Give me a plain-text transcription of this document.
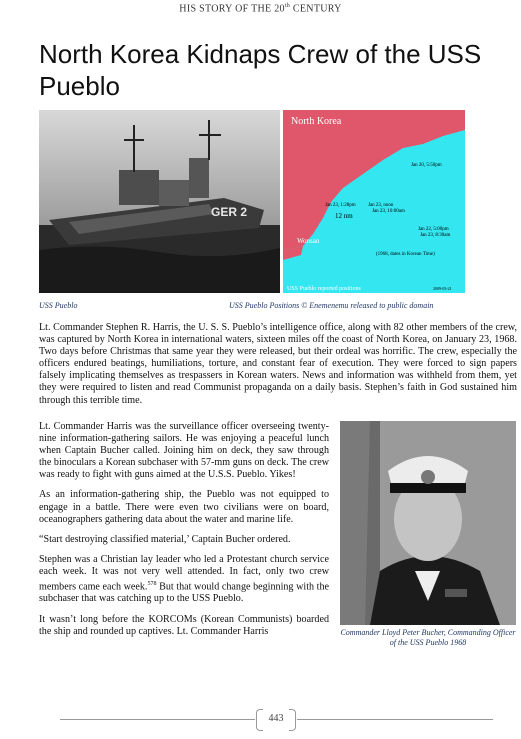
HIS STORY OF THE 20th CENTURY
North Korea Kidnaps Crew of the USS Pueblo
GER 2
North Korea
Wonsan
12 nm
Jan 20, 5:50pm
Jan 23, 1:28pm Jan 23, noon
Jan 23, 10:00am
Jan 22, 5:00pm
Jan 23, 8:30am
(1968, dates in Korean Time)
USS Pueblo reported positions	2009-03-21
USS Pueblo	USS Pueblo Positions © Enemenemu released to public domain

Lt. Commander Stephen R. Harris, the U. S. S. Pueblo’s intelligence office, along with 82 other members of the crew, was captured by North Korea in international waters, sixteen miles off the coast of North Korea, on January 23, 1968. Two days before Christmas that same year they were released, but their ordeal was horrific. The crew, especially the officers endured beatings, humiliations, torture, and constant fear of execution. They were forced to sign papers falsely implicating themselves as trespassers in Korean waters. News and information was withheld from them, yet they were required to listen and read Communist propaganda on a daily basis. Stephen’s faith in God sustained him through this terrible time.

Lt. Commander Harris was the surveillance officer overseeing twenty-nine information-gathering sailors. He was enjoying a peaceful lunch when Captain Bucher called. Joining him on deck, they saw through the binoculars a Korean subchaser with 57-mm guns on deck. The crew was ready to fight with guns aimed at the U.S.S. Pueblo. Yikes!

As an information-gathering ship, the Pueblo was not equipped to engage in a battle. There were even two civilians were on board, oceanographers gathering data about the water and marine life.

“Start destroying classified material,’ Captain Bucher ordered.

Stephen was a Christian lay leader who led a Protestant church service each week. It was not very well attended. In fact, only two crew members came each week.$^{578}$ But that would change beginning with the subchaser that was catching up to the USS Pueblo.

It wasn’t long before the KORCOMs (Korean Communists) boarded the ship and rounded up captives. Lt. Commander Harris	Commander Lloyd Peter Bucher, Commanding Officer of the USS Pueblo 1968
443
